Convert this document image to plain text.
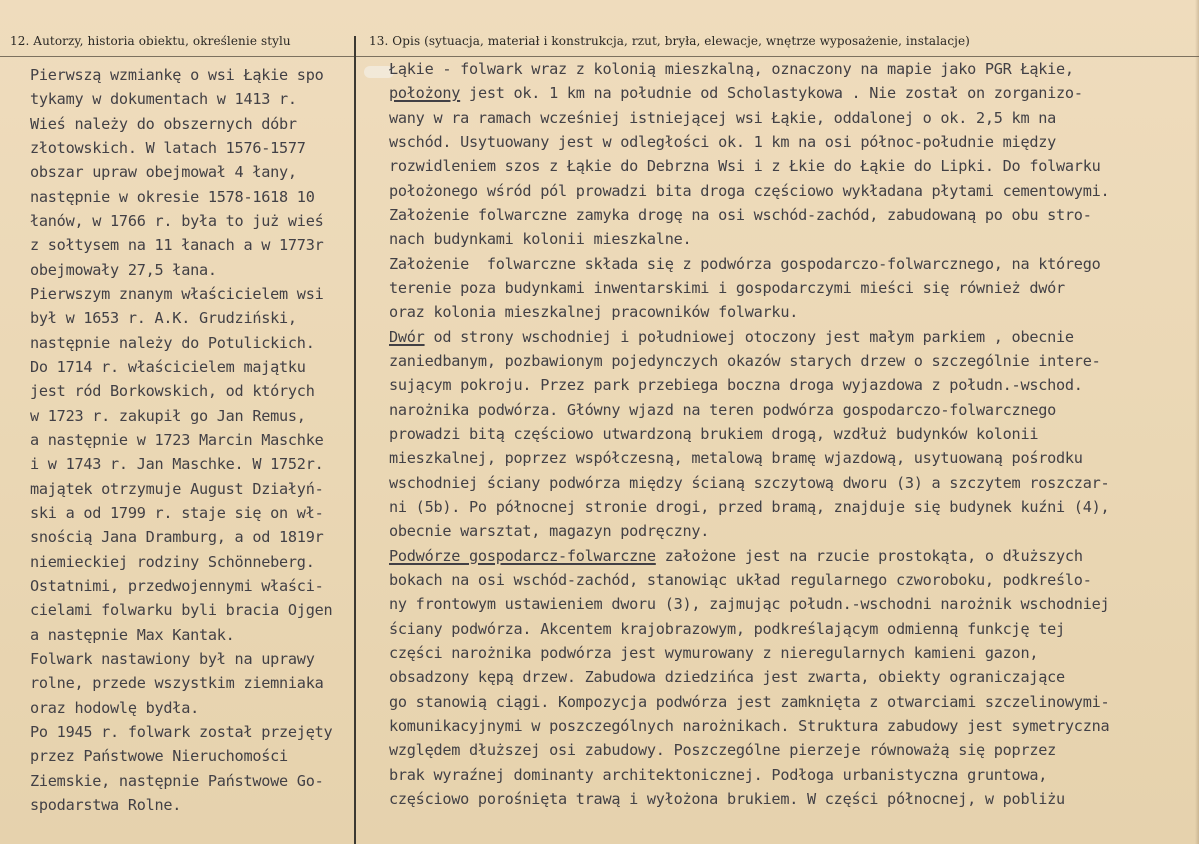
12. Autorzy, historia obiektu, określenie stylu	13. Opis (sytuacja, materiał i konstrukcja, rzut, bryła, elewacje, wnętrze wyposażenie, instalacje)
Pierwszą wzmiankę o wsi Łąkie spo
tykamy w dokumentach w 1413 r.
Wieś należy do obszernych dóbr
złotowskich. W latach 1576-1577
obszar upraw obejmował 4 łany,
następnie w okresie 1578-1618 10
łanów, w 1766 r. była to już wieś
z sołtysem na 11 łanach a w 1773r
obejmowały 27,5 łana.
Pierwszym znanym właścicielem wsi
był w 1653 r. A.K. Grudziński,
następnie należy do Potulickich.
Do 1714 r. właścicielem majątku
jest ród Borkowskich, od których
w 1723 r. zakupił go Jan Remus,
a następnie w 1723 Marcin Maschke
i w 1743 r. Jan Maschke. W 1752r.
majątek otrzymuje August Działyń-
ski a od 1799 r. staje się on wł-
snością Jana Dramburg, a od 1819r
niemieckiej rodziny Schönneberg.
Ostatnimi, przedwojennymi właści-
cielami folwarku byli bracia Ojgen
a następnie Max Kantak.
Folwark nastawiony był na uprawy
rolne, przede wszystkim ziemniaka
oraz hodowlę bydła.
Po 1945 r. folwark został przejęty
przez Państwowe Nieruchomości
Ziemskie, następnie Państwowe Go-
spodarstwa Rolne.
Łąkie - folwark wraz z kolonią mieszkalną, oznaczony na mapie jako PGR Łąkie,
położony jest ok. 1 km na południe od Scholastykowa . Nie został on zorganizo-
wany w ra ramach wcześniej istniejącej wsi Łąkie, oddalonej o ok. 2,5 km na
wschód. Usytuowany jest w odległości ok. 1 km na osi północ-południe między
rozwidleniem szos z Łąkie do Debrzna Wsi i z Łkie do Łąkie do Lipki. Do folwarku
położonego wśród pól prowadzi bita droga częściowo wykładana płytami cementowymi.
Założenie folwarczne zamyka drogę na osi wschód-zachód, zabudowaną po obu stro-
nach budynkami kolonii mieszkalne.
Założenie  folwarczne składa się z podwórza gospodarczo-folwarcznego, na którego
terenie poza budynkami inwentarskimi i gospodarczymi mieści się również dwór
oraz kolonia mieszkalnej pracowników folwarku.
Dwór od strony wschodniej i południowej otoczony jest małym parkiem , obecnie
zaniedbanym, pozbawionym pojedynczych okazów starych drzew o szczególnie intere-
sującym pokroju. Przez park przebiega boczna droga wyjazdowa z połudn.-wschod.
narożnika podwórza. Główny wjazd na teren podwórza gospodarczo-folwarcznego
prowadzi bitą częściowo utwardzoną brukiem drogą, wzdłuż budynków kolonii
mieszkalnej, poprzez współczesną, metalową bramę wjazdową, usytuowaną pośrodku
wschodniej ściany podwórza między ścianą szczytową dworu (3) a szczytem roszczar-
ni (5b). Po północnej stronie drogi, przed bramą, znajduje się budynek kuźni (4),
obecnie warsztat, magazyn podręczny.
Podwórze gospodarcz-folwarczne założone jest na rzucie prostokąta, o dłuższych
bokach na osi wschód-zachód, stanowiąc układ regularnego czworoboku, podkreślo-
ny frontowym ustawieniem dworu (3), zajmując połudn.-wschodni narożnik wschodniej
ściany podwórza. Akcentem krajobrazowym, podkreślającym odmienną funkcję tej
części narożnika podwórza jest wymurowany z nieregularnych kamieni gazon,
obsadzony kępą drzew. Zabudowa dziedzińca jest zwarta, obiekty ograniczające
go stanowią ciągi. Kompozycja podwórza jest zamknięta z otwarciami szczelinowymi-
komunikacyjnymi w poszczególnych narożnikach. Struktura zabudowy jest symetryczna
względem dłuższej osi zabudowy. Poszczególne pierzeje równoważą się poprzez
brak wyraźnej dominanty architektonicznej. Podłoga urbanistyczna gruntowa,
częściowo porośnięta trawą i wyłożona brukiem. W części północnej, w pobliżu
